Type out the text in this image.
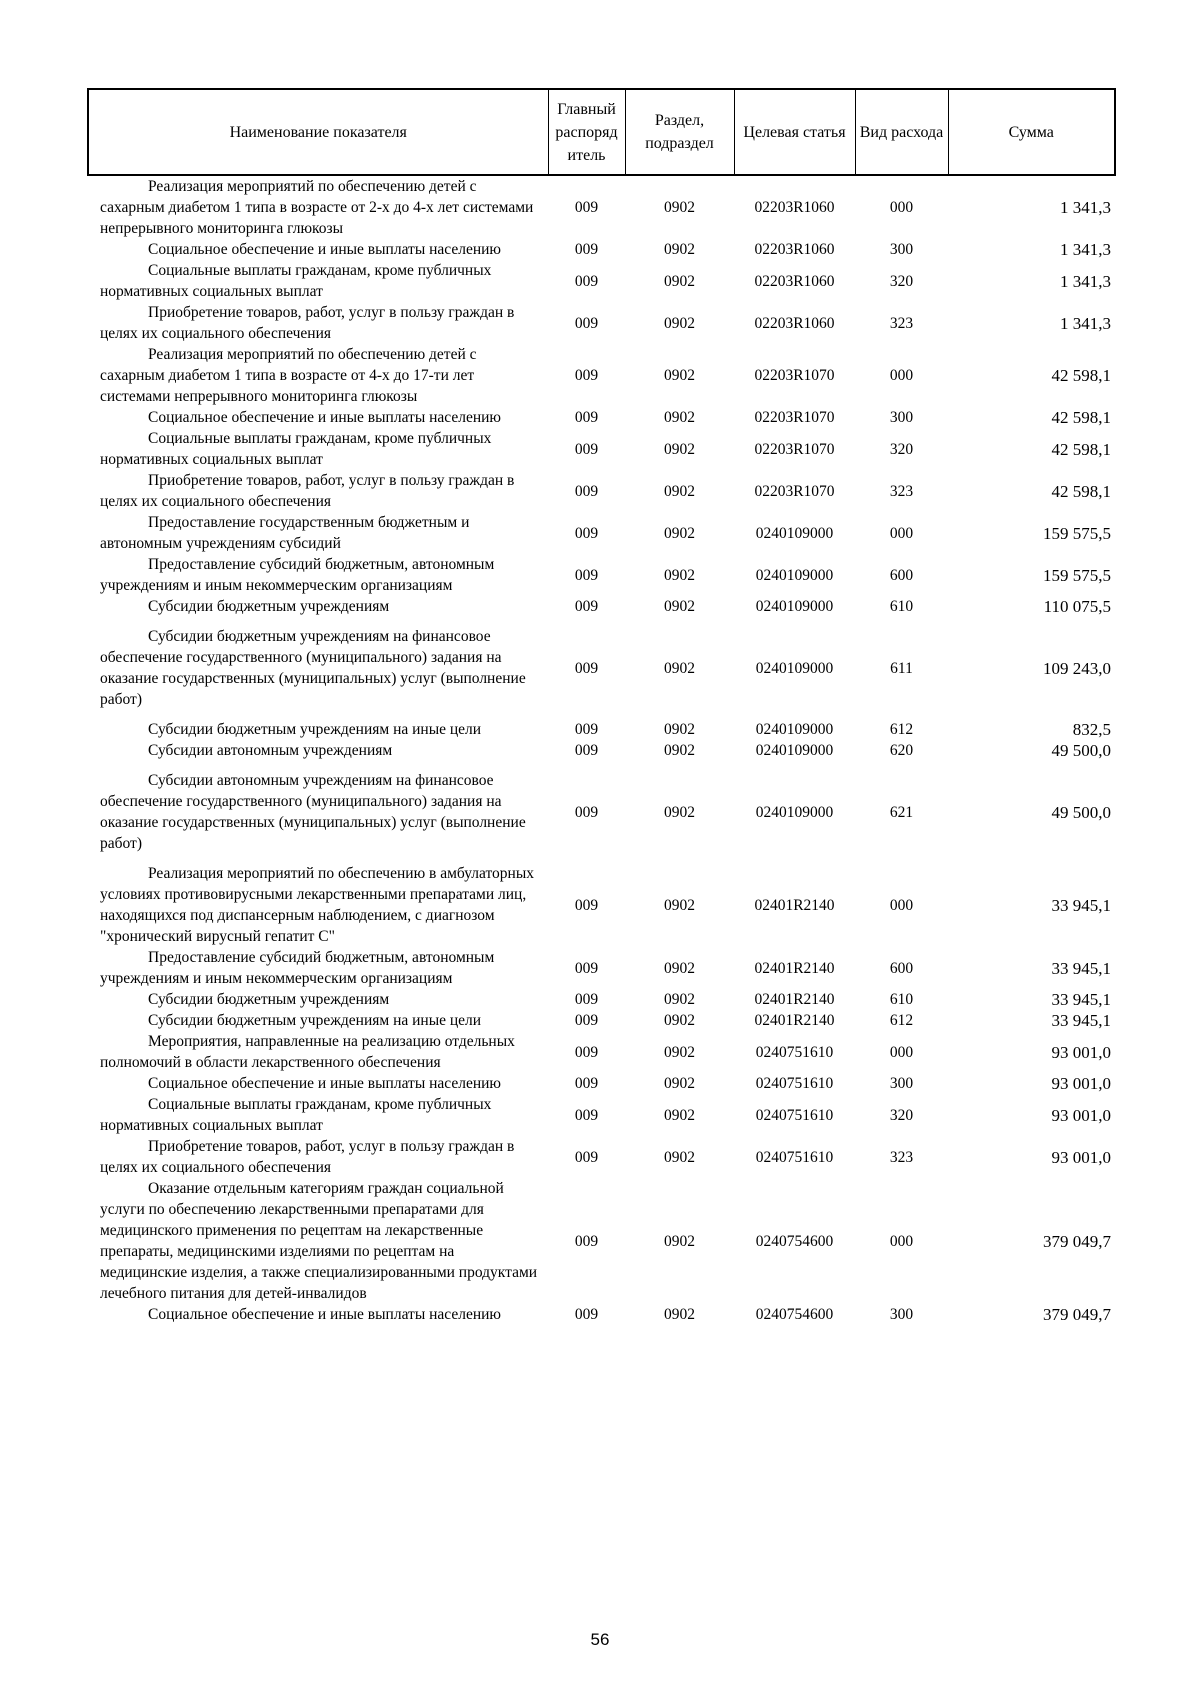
Наименование показателя	Главный распоряд итель	Раздел, подраздел	Целевая статья	Вид расхода	Сумма
Реализация мероприятий по обеспечению детей с сахарным диабетом 1 типа в возрасте от 2-х до 4-х лет системами непрерывного мониторинга глюкозы	009	0902	02203R1060	000	1 341,3
Социальное обеспечение и иные выплаты населению	009	0902	02203R1060	300	1 341,3
Социальные выплаты гражданам, кроме публичных нормативных социальных выплат	009	0902	02203R1060	320	1 341,3
Приобретение товаров, работ, услуг в пользу граждан в целях их социального обеспечения	009	0902	02203R1060	323	1 341,3
Реализация мероприятий по обеспечению детей с сахарным диабетом 1 типа в возрасте от 4-х до 17-ти лет системами непрерывного мониторинга глюкозы	009	0902	02203R1070	000	42 598,1
Социальное обеспечение и иные выплаты населению	009	0902	02203R1070	300	42 598,1
Социальные выплаты гражданам, кроме публичных нормативных социальных выплат	009	0902	02203R1070	320	42 598,1
Приобретение товаров, работ, услуг в пользу граждан в целях их социального обеспечения	009	0902	02203R1070	323	42 598,1
Предоставление государственным бюджетным и автономным учреждениям субсидий	009	0902	0240109000	000	159 575,5
Предоставление субсидий бюджетным, автономным учреждениям и иным некоммерческим организациям	009	0902	0240109000	600	159 575,5
Субсидии бюджетным учреждениям	009	0902	0240109000	610	110 075,5
Субсидии бюджетным учреждениям на финансовое обеспечение государственного (муниципального) задания на оказание государственных (муниципальных) услуг (выполнение работ)	009	0902	0240109000	611	109 243,0
Субсидии бюджетным учреждениям на иные цели	009	0902	0240109000	612	832,5
Субсидии автономным учреждениям	009	0902	0240109000	620	49 500,0
Субсидии автономным учреждениям на финансовое обеспечение государственного (муниципального) задания на оказание государственных (муниципальных) услуг (выполнение работ)	009	0902	0240109000	621	49 500,0
Реализация мероприятий по обеспечению в амбулаторных условиях противовирусными лекарственными препаратами лиц, находящихся под диспансерным наблюдением, с диагнозом "хронический вирусный гепатит С"	009	0902	02401R2140	000	33 945,1
Предоставление субсидий бюджетным, автономным учреждениям и иным некоммерческим организациям	009	0902	02401R2140	600	33 945,1
Субсидии бюджетным учреждениям	009	0902	02401R2140	610	33 945,1
Субсидии бюджетным учреждениям на иные цели	009	0902	02401R2140	612	33 945,1
Мероприятия, направленные на реализацию отдельных полномочий в области лекарственного обеспечения	009	0902	0240751610	000	93 001,0
Социальное обеспечение и иные выплаты населению	009	0902	0240751610	300	93 001,0
Социальные выплаты гражданам, кроме публичных нормативных социальных выплат	009	0902	0240751610	320	93 001,0
Приобретение товаров, работ, услуг в пользу граждан в целях их социального обеспечения	009	0902	0240751610	323	93 001,0
Оказание отдельным категориям граждан социальной услуги по обеспечению лекарственными препаратами для медицинского применения по рецептам на лекарственные препараты, медицинскими изделиями по рецептам на медицинские изделия, а также специализированными продуктами лечебного питания для детей-инвалидов	009	0902	0240754600	000	379 049,7
Социальное обеспечение и иные выплаты населению	009	0902	0240754600	300	379 049,7
56
